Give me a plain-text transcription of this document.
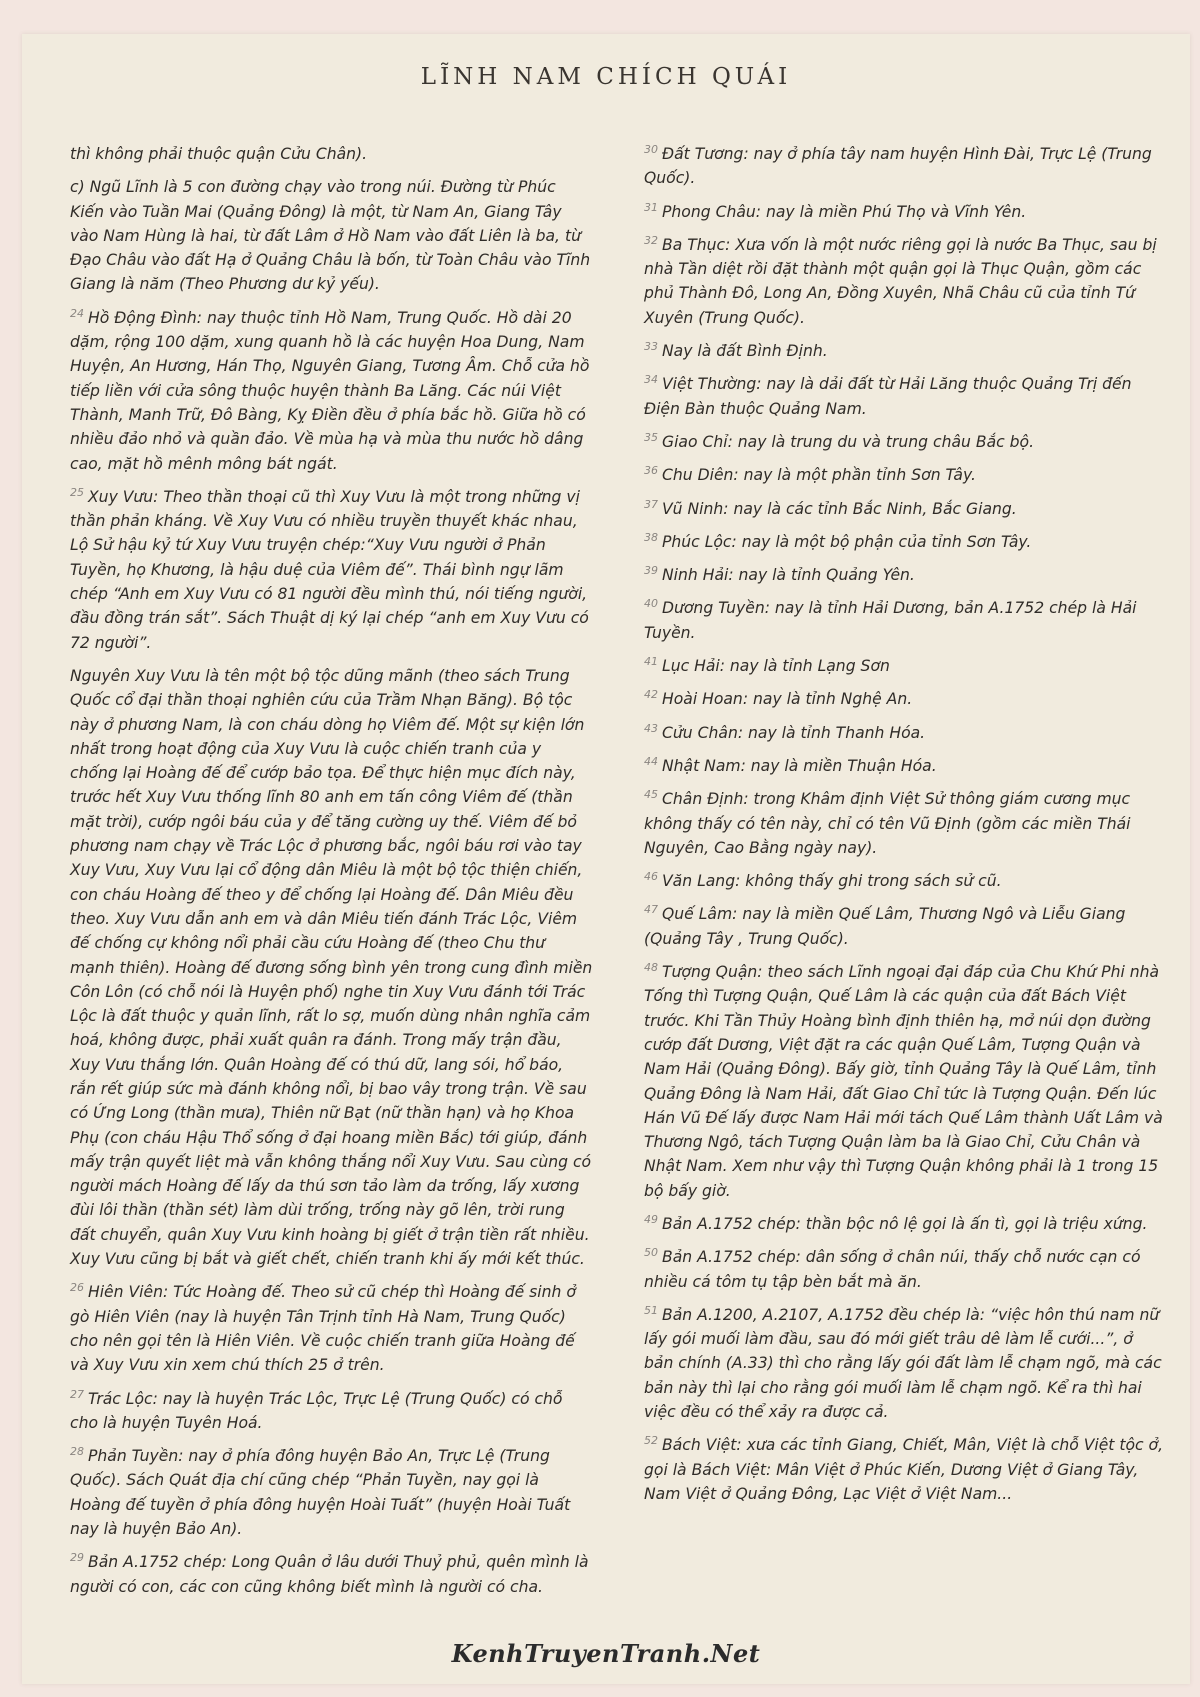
LĨNH NAM CHÍCH QUÁI

thì không phải thuộc quận Cửu Chân).

c) Ngũ Lĩnh là 5 con đường chạy vào trong núi. Đường từ Phúc Kiến vào Tuần Mai (Quảng Đông) là một, từ Nam An, Giang Tây vào Nam Hùng là hai, từ đất Lâm ở Hồ Nam vào đất Liên là ba, từ Đạo Châu vào đất Hạ ở Quảng Châu là bốn, từ Toàn Châu vào Tĩnh Giang là năm (Theo Phương dư kỷ yếu).

$^{24}$ Hồ Động Đình: nay thuộc tỉnh Hồ Nam, Trung Quốc. Hồ dài 20 dặm, rộng 100 dặm, xung quanh hồ là các huyện Hoa Dung, Nam Huyện, An Hương, Hán Thọ, Nguyên Giang, Tương Âm. Chỗ cửa hồ tiếp liền với cửa sông thuộc huyện thành Ba Lăng. Các núi Việt Thành, Manh Trữ, Đô Bàng, Kỵ Điền đều ở phía bắc hồ. Giữa hồ có nhiều đảo nhỏ và quần đảo. Về mùa hạ và mùa thu nước hồ dâng cao, mặt hồ mênh mông bát ngát.

$^{25}$ Xuy Vưu: Theo thần thoại cũ thì Xuy Vưu là một trong những vị thần phản kháng. Về Xuy Vưu có nhiều truyền thuyết khác nhau, Lộ Sử hậu kỷ tứ Xuy Vưu truyện chép:“Xuy Vưu người ở Phản Tuyền, họ Khương, là hậu duệ của Viêm đế”. Thái bình ngự lãm chép “Anh em Xuy Vưu có 81 người đều mình thú, nói tiếng người, đầu đồng trán sắt”. Sách Thuật dị ký lại chép “anh em Xuy Vưu có 72 người”.

Nguyên Xuy Vưu là tên một bộ tộc dũng mãnh (theo sách Trung Quốc cổ đại thần thoại nghiên cứu của Trầm Nhạn Băng). Bộ tộc này ở phương Nam, là con cháu dòng họ Viêm đế. Một sự kiện lớn nhất trong hoạt động của Xuy Vưu là cuộc chiến tranh của y chống lại Hoàng đế để cướp bảo tọa. Để thực hiện mục đích này, trước hết Xuy Vưu thống lĩnh 80 anh em tấn công Viêm đế (thần mặt trời), cướp ngôi báu của y để tăng cường uy thế. Viêm đế bỏ phương nam chạy về Trác Lộc ở phương bắc, ngôi báu rơi vào tay Xuy Vưu, Xuy Vưu lại cổ động dân Miêu là một bộ tộc thiện chiến, con cháu Hoàng đế theo y để chống lại Hoàng đế. Dân Miêu đều theo. Xuy Vưu dẫn anh em và dân Miêu tiến đánh Trác Lộc, Viêm đế chống cự không nổi phải cầu cứu Hoàng đế (theo Chu thư mạnh thiên). Hoàng đế đương sống bình yên trong cung đình miền Côn Lôn (có chỗ nói là Huyện phố) nghe tin Xuy Vưu đánh tới Trác Lộc là đất thuộc y quản lĩnh, rất lo sợ, muốn dùng nhân nghĩa cảm hoá, không được, phải xuất quân ra đánh. Trong mấy trận đầu, Xuy Vưu thắng lớn. Quân Hoàng đế có thú dữ, lang sói, hổ báo, rắn rết giúp sức mà đánh không nổi, bị bao vây trong trận. Về sau có Ứng Long (thần mưa), Thiên nữ Bạt (nữ thần hạn) và họ Khoa Phụ (con cháu Hậu Thổ sống ở đại hoang miền Bắc) tới giúp, đánh mấy trận quyết liệt mà vẫn không thắng nổi Xuy Vưu. Sau cùng có người mách Hoàng đế lấy da thú sơn tảo làm da trống, lấy xương đùi lôi thần (thần sét) làm dùi trống, trống này gõ lên, trời rung đất chuyển, quân Xuy Vưu kinh hoàng bị giết ở trận tiền rất nhiều. Xuy Vưu cũng bị bắt và giết chết, chiến tranh khi ấy mới kết thúc.

$^{26}$ Hiên Viên: Tức Hoàng đế. Theo sử cũ chép thì Hoàng đế sinh ở gò Hiên Viên (nay là huyện Tân Trịnh tỉnh Hà Nam, Trung Quốc) cho nên gọi tên là Hiên Viên. Về cuộc chiến tranh giữa Hoàng đế và Xuy Vưu xin xem chú thích 25 ở trên.

$^{27}$ Trác Lộc: nay là huyện Trác Lộc, Trực Lệ (Trung Quốc) có chỗ cho là huyện Tuyên Hoá.

$^{28}$ Phản Tuyền: nay ở phía đông huyện Bảo An, Trực Lệ (Trung Quốc). Sách Quát địa chí cũng chép “Phản Tuyền, nay gọi là Hoàng đế tuyền ở phía đông huyện Hoài Tuất” (huyện Hoài Tuất nay là huyện Bảo An).

$^{29}$ Bản A.1752 chép: Long Quân ở lâu dưới Thuỷ phủ, quên mình là người có con, các con cũng không biết mình là người có cha.

$^{30}$ Đất Tương: nay ở phía tây nam huyện Hình Đài, Trực Lệ (Trung Quốc).

$^{31}$ Phong Châu: nay là miền Phú Thọ và Vĩnh Yên.

$^{32}$ Ba Thục: Xưa vốn là một nước riêng gọi là nước Ba Thục, sau bị nhà Tần diệt rồi đặt thành một quận gọi là Thục Quận, gồm các phủ Thành Đô, Long An, Đồng Xuyên, Nhã Châu cũ của tỉnh Tứ Xuyên (Trung Quốc).

$^{33}$ Nay là đất Bình Định.

$^{34}$ Việt Thường: nay là dải đất từ Hải Lăng thuộc Quảng Trị đến Điện Bàn thuộc Quảng Nam.

$^{35}$ Giao Chỉ: nay là trung du và trung châu Bắc bộ.

$^{36}$ Chu Diên: nay là một phần tỉnh Sơn Tây.

$^{37}$ Vũ Ninh: nay là các tỉnh Bắc Ninh, Bắc Giang.

$^{38}$ Phúc Lộc: nay là một bộ phận của tỉnh Sơn Tây.

$^{39}$ Ninh Hải: nay là tỉnh Quảng Yên.

$^{40}$ Dương Tuyền: nay là tỉnh Hải Dương, bản A.1752 chép là Hải Tuyền.

$^{41}$ Lục Hải: nay là tỉnh Lạng Sơn

$^{42}$ Hoài Hoan: nay là tỉnh Nghệ An.

$^{43}$ Cửu Chân: nay là tỉnh Thanh Hóa.

$^{44}$ Nhật Nam: nay là miền Thuận Hóa.

$^{45}$ Chân Định: trong Khâm định Việt Sử thông giám cương mục không thấy có tên này, chỉ có tên Vũ Định (gồm các miền Thái Nguyên, Cao Bằng ngày nay).

$^{46}$ Văn Lang: không thấy ghi trong sách sử cũ.

$^{47}$ Quế Lâm: nay là miền Quế Lâm, Thương Ngô và Liễu Giang (Quảng Tây , Trung Quốc).

$^{48}$ Tượng Quận: theo sách Lĩnh ngoại đại đáp của Chu Khứ Phi nhà Tống thì Tượng Quận, Quế Lâm là các quận của đất Bách Việt trước. Khi Tần Thủy Hoàng bình định thiên hạ, mở núi dọn đường cướp đất Dương, Việt đặt ra các quận Quế Lâm, Tượng Quận và Nam Hải (Quảng Đông). Bấy giờ, tỉnh Quảng Tây là Quế Lâm, tỉnh Quảng Đông là Nam Hải, đất Giao Chỉ tức là Tượng Quận. Đến lúc Hán Vũ Đế lấy được Nam Hải mới tách Quế Lâm thành Uất Lâm và Thương Ngô, tách Tượng Quận làm ba là Giao Chỉ, Cửu Chân và Nhật Nam. Xem như vậy thì Tượng Quận không phải là 1 trong 15 bộ bấy giờ.

$^{49}$ Bản A.1752 chép: thần bộc nô lệ gọi là ấn tì, gọi là triệu xứng.

$^{50}$ Bản A.1752 chép: dân sống ở chân núi, thấy chỗ nước cạn có nhiều cá tôm tụ tập bèn bắt mà ăn.

$^{51}$ Bản A.1200, A.2107, A.1752 đều chép là: “việc hôn thú nam nữ lấy gói muối làm đầu, sau đó mới giết trâu dê làm lễ cưới...”, ở bản chính (A.33) thì cho rằng lấy gói đất làm lễ chạm ngõ, mà các bản này thì lại cho rằng gói muối làm lễ chạm ngõ. Kể ra thì hai việc đều có thể xảy ra được cả.

$^{52}$ Bách Việt: xưa các tỉnh Giang, Chiết, Mân, Việt là chỗ Việt tộc ở, gọi là Bách Việt: Mân Việt ở Phúc Kiến, Dương Việt ở Giang Tây, Nam Việt ở Quảng Đông, Lạc Việt ở Việt Nam...

KenhTruyenTranh.Net
